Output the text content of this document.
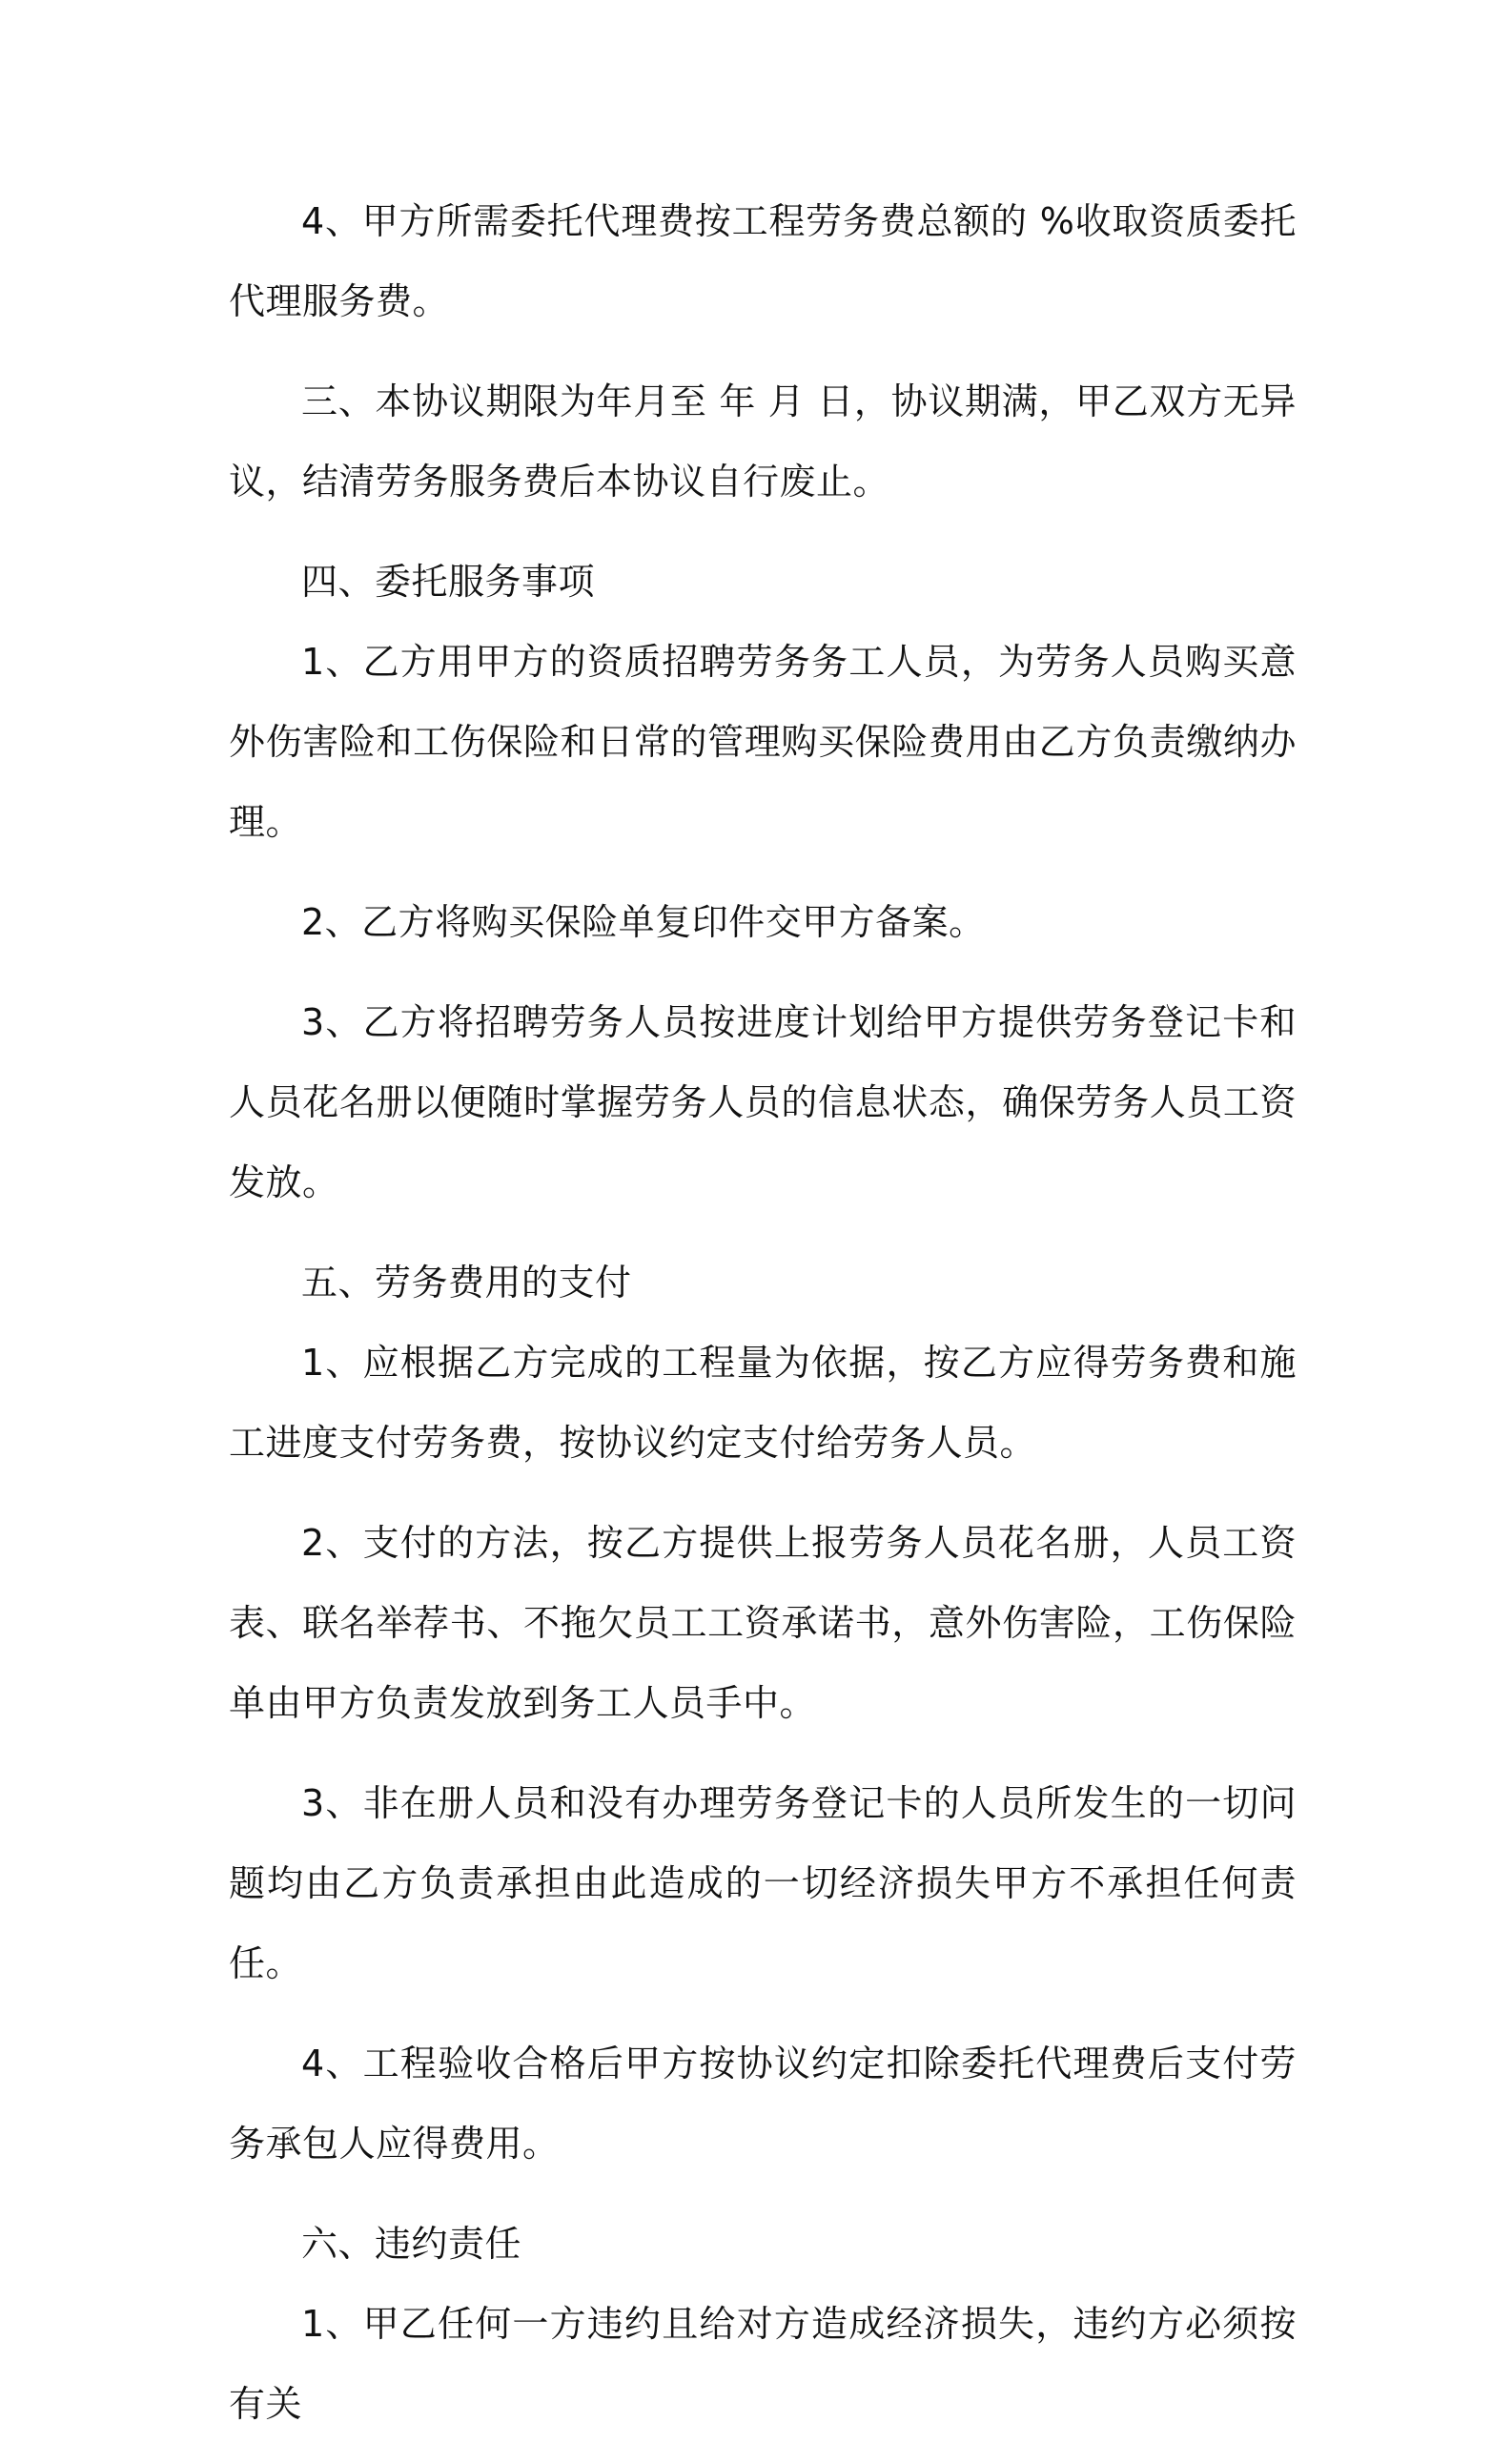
4、甲方所需委托代理费按工程劳务费总额的 %收取资质委托代理服务费。

三、本协议期限为年月至 年 月 日，协议期满，甲乙双方无异议，结清劳务服务费后本协议自行废止。

四、委托服务事项

1、乙方用甲方的资质招聘劳务务工人员，为劳务人员购买意外伤害险和工伤保险和日常的管理购买保险费用由乙方负责缴纳办理。

2、乙方将购买保险单复印件交甲方备案。

3、乙方将招聘劳务人员按进度计划给甲方提供劳务登记卡和人员花名册以便随时掌握劳务人员的信息状态，确保劳务人员工资发放。

五、劳务费用的支付

1、应根据乙方完成的工程量为依据，按乙方应得劳务费和施工进度支付劳务费，按协议约定支付给劳务人员。

2、支付的方法，按乙方提供上报劳务人员花名册，人员工资表、联名举荐书、不拖欠员工工资承诺书，意外伤害险，工伤保险单由甲方负责发放到务工人员手中。

3、非在册人员和没有办理劳务登记卡的人员所发生的一切问题均由乙方负责承担由此造成的一切经济损失甲方不承担任何责任。

4、工程验收合格后甲方按协议约定扣除委托代理费后支付劳务承包人应得费用。

六、违约责任

1、甲乙任何一方违约且给对方造成经济损失，违约方必须按有关
